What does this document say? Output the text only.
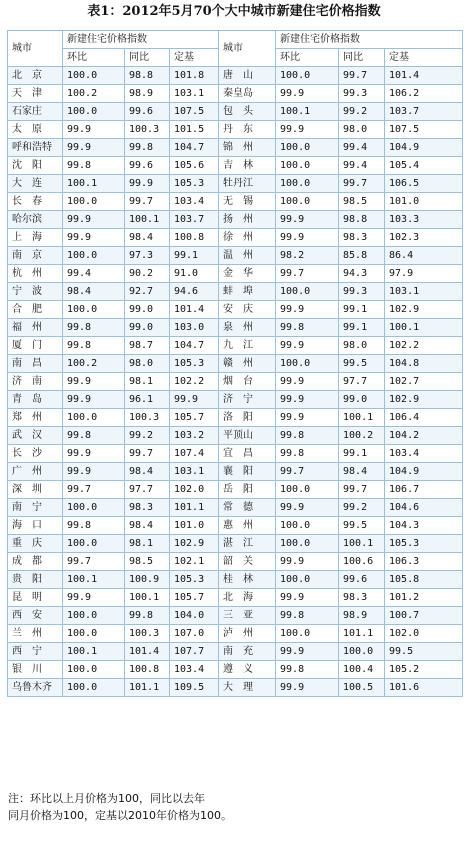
表1：2012年5月70个大中城市新建住宅价格指数
城市	新建住宅价格指数			城市	新建住宅价格指数		
	环比	同比	定基		环比	同比	定基
北　京	100.0	98.8	101.8	唐　山	100.0	99.7	101.4
天　津	100.2	98.9	103.1	秦皇岛	99.9	99.3	106.2
石家庄	100.0	99.6	107.5	包　头	100.1	99.2	103.7
太　原	99.9	100.3	101.5	丹　东	99.9	98.0	107.5
呼和浩特	99.9	99.8	104.7	锦　州	100.0	99.4	104.9
沈　阳	99.8	99.6	105.6	吉　林	100.0	99.4	105.4
大　连	100.1	99.9	105.3	牡丹江	100.0	99.7	106.5
长　春	100.0	99.7	103.4	无　锡	100.0	98.5	101.0
哈尔滨	99.9	100.1	103.7	扬　州	99.9	98.8	103.3
上　海	99.9	98.4	100.8	徐　州	99.9	98.3	102.3
南　京	100.0	97.3	99.1	温　州	98.2	85.8	86.4
杭　州	99.4	90.2	91.0	金　华	99.7	94.3	97.9
宁　波	98.4	92.7	94.6	蚌　埠	100.0	99.3	103.1
合　肥	100.0	99.0	101.4	安　庆	99.9	99.1	102.9
福　州	99.8	99.0	103.0	泉　州	99.8	99.1	100.1
厦　门	99.8	98.7	104.7	九　江	99.9	98.0	102.2
南　昌	100.2	98.0	105.3	赣　州	100.0	99.5	104.8
济　南	99.9	98.1	102.2	烟　台	99.9	97.7	102.7
青　岛	99.9	96.1	99.9	济　宁	99.9	99.0	102.9
郑　州	100.0	100.3	105.7	洛　阳	99.9	100.1	106.4
武　汉	99.8	99.2	103.2	平顶山	99.8	100.2	104.2
长　沙	99.9	99.7	107.4	宜　昌	99.8	99.1	103.4
广　州	99.9	98.4	103.1	襄　阳	99.7	98.4	104.9
深　圳	99.7	97.7	102.0	岳　阳	100.0	99.7	106.7
南　宁	100.0	98.3	101.1	常　德	99.9	99.2	104.6
海　口	99.8	98.4	101.0	惠　州	100.0	99.5	104.3
重　庆	100.0	98.1	102.9	湛　江	100.0	100.1	105.3
成　都	99.7	98.5	102.1	韶　关	99.9	100.6	106.3
贵　阳	100.1	100.9	105.3	桂　林	100.0	99.6	105.8
昆　明	99.9	100.1	105.7	北　海	99.9	98.3	101.2
西　安	100.0	99.8	104.0	三　亚	99.8	98.9	100.7
兰　州	100.0	100.3	107.0	泸　州	100.0	101.1	102.0
西　宁	100.1	101.4	107.7	南　充	99.9	100.0	99.5
银　川	100.0	100.8	103.4	遵　义	99.8	100.4	105.2
乌鲁木齐	100.0	101.1	109.5	大　理	99.9	100.5	101.6
注：环比以上月价格为100，同比以去年
同月价格为100，定基以2010年价格为100。
